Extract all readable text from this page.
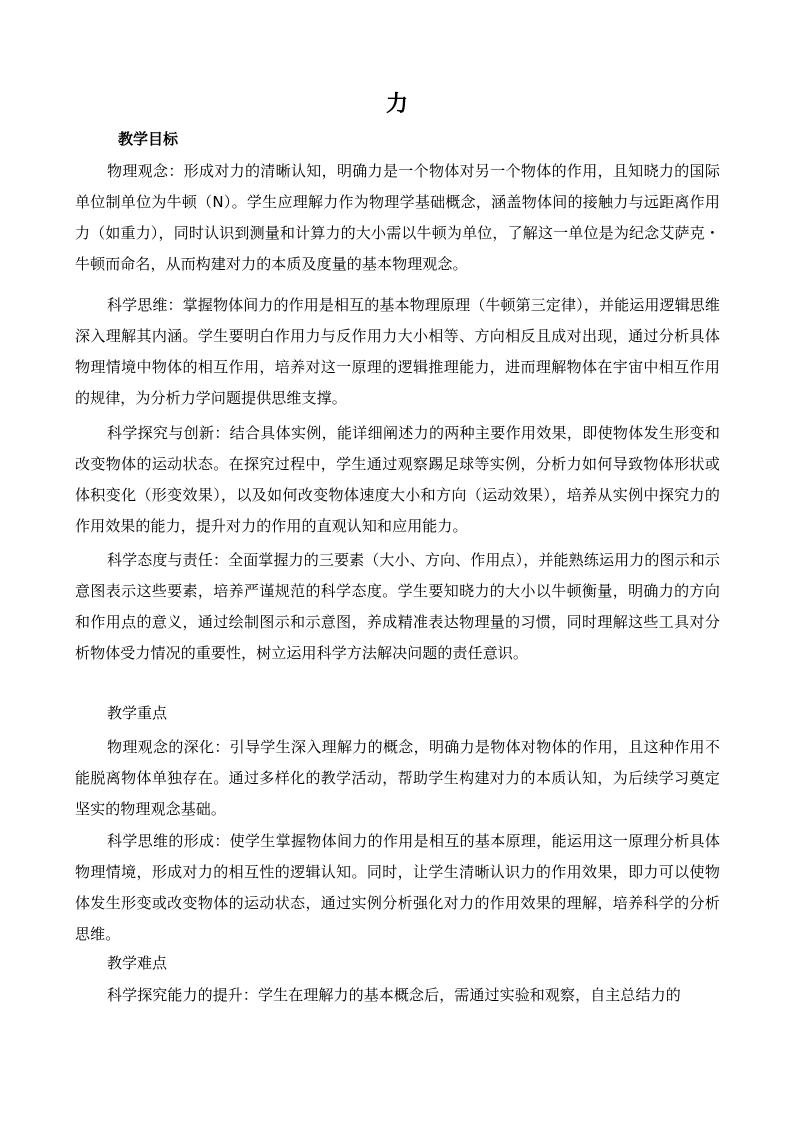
力
教学目标

物理观念：形成对力的清晰认知，明确力是一个物体对另一个物体的作用，且知晓力的国际单位制单位为牛顿（N）。学生应理解力作为物理学基础概念，涵盖物体间的接触力与远距离作用力（如重力），同时认识到测量和计算力的大小需以牛顿为单位，了解这一单位是为纪念艾萨克・牛顿而命名，从而构建对力的本质及度量的基本物理观念。

科学思维：掌握物体间力的作用是相互的基本物理原理（牛顿第三定律），并能运用逻辑思维深入理解其内涵。学生要明白作用力与反作用力大小相等、方向相反且成对出现，通过分析具体物理情境中物体的相互作用，培养对这一原理的逻辑推理能力，进而理解物体在宇宙中相互作用的规律，为分析力学问题提供思维支撑。

科学探究与创新：结合具体实例，能详细阐述力的两种主要作用效果，即使物体发生形变和改变物体的运动状态。在探究过程中，学生通过观察踢足球等实例，分析力如何导致物体形状或体积变化（形变效果），以及如何改变物体速度大小和方向（运动效果），培养从实例中探究力的作用效果的能力，提升对力的作用的直观认知和应用能力。

科学态度与责任：全面掌握力的三要素（大小、方向、作用点），并能熟练运用力的图示和示意图表示这些要素，培养严谨规范的科学态度。学生要知晓力的大小以牛顿衡量，明确力的方向和作用点的意义，通过绘制图示和示意图，养成精准表达物理量的习惯，同时理解这些工具对分析物体受力情况的重要性，树立运用科学方法解决问题的责任意识。

教学重点

物理观念的深化：引导学生深入理解力的概念，明确力是物体对物体的作用，且这种作用不能脱离物体单独存在。通过多样化的教学活动，帮助学生构建对力的本质认知，为后续学习奠定坚实的物理观念基础。

科学思维的形成：使学生掌握物体间力的作用是相互的基本原理，能运用这一原理分析具体物理情境，形成对力的相互性的逻辑认知。同时，让学生清晰认识力的作用效果，即力可以使物体发生形变或改变物体的运动状态，通过实例分析强化对力的作用效果的理解，培养科学的分析思维。

教学难点

科学探究能力的提升：学生在理解力的基本概念后，需通过实验和观察，自主总结力的
